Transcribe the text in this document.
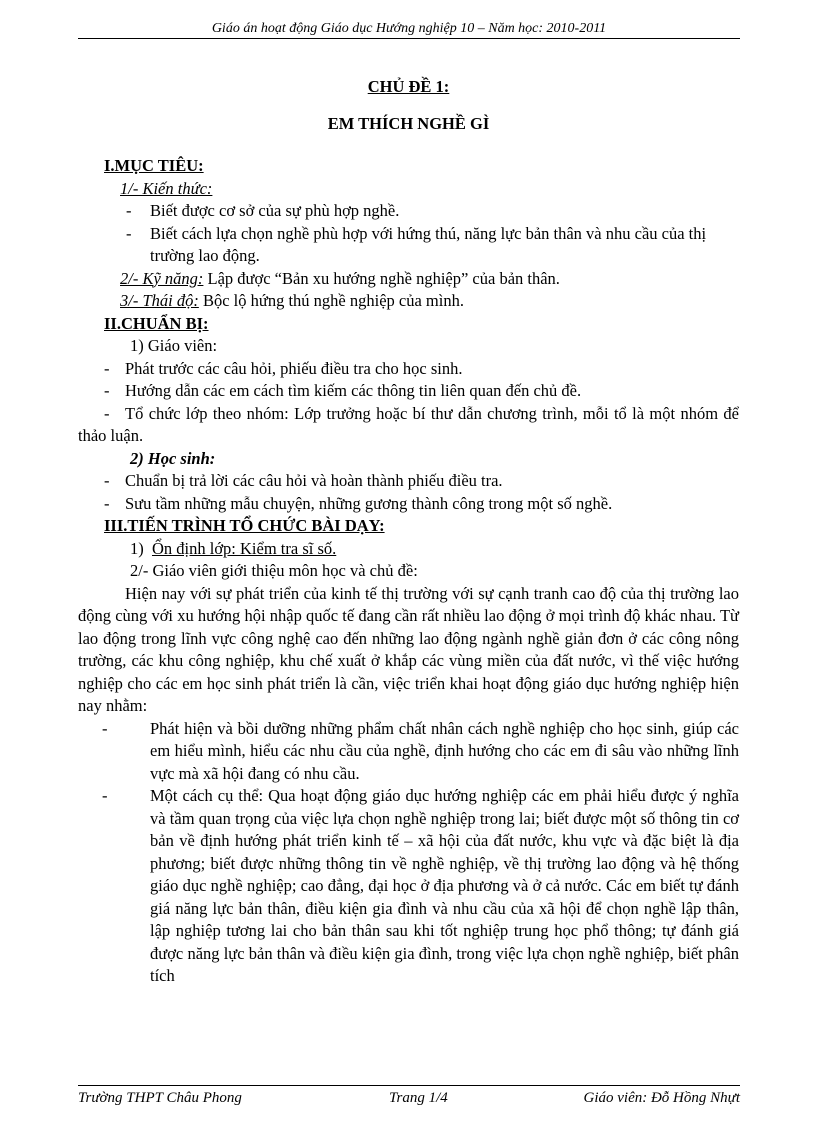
Giáo án hoạt động Giáo dục Hướng nghiệp 10 – Năm học: 2010-2011
CHỦ ĐỀ 1:
EM THÍCH NGHỀ GÌ
I.MỤC TIÊU:
1/- Kiến thức:
- Biết được cơ sở của sự phù hợp nghề.
- Biết cách lựa chọn nghề phù hợp với hứng thú, năng lực bản thân và nhu cầu của thị trường lao động.
2/- Kỹ năng: Lập được “Bản xu hướng nghề nghiệp” của bản thân.
3/- Thái độ: Bộc lộ hứng thú nghề nghiệp của mình.
II.CHUẨN BỊ:
1) Giáo viên:
- Phát trước các câu hỏi, phiếu điều tra cho học sinh.
- Hướng dẫn các em cách tìm kiếm các thông tin liên quan đến chủ đề.
- Tổ chức lớp theo nhóm: Lớp trưởng hoặc bí thư dẫn chương trình, mỗi tổ là một nhóm để thảo luận.
2) Học sinh:
- Chuẩn bị trả lời các câu hỏi và hoàn thành phiếu điều tra.
- Sưu tầm những mẫu chuyện, những gương thành công trong một số nghề.
III.TIẾN TRÌNH TỔ CHỨC BÀI DẠY:
1) Ổn định lớp: Kiểm tra sĩ số.
2/- Giáo viên giới thiệu môn học và chủ đề:
Hiện nay với sự phát triển của kinh tế thị trường với sự cạnh tranh cao độ của thị trường lao động cùng với xu hướng hội nhập quốc tế đang cần rất nhiều lao động ở mọi trình độ khác nhau. Từ lao động trong lĩnh vực công nghệ cao đến những lao động ngành nghề giản đơn ở các công nông trường, các khu công nghiệp, khu chế xuất ở khắp các vùng miền của đất nước, vì thế việc hướng nghiệp cho các em học sinh phát triển là cần, việc triển khai hoạt động giáo dục hướng nghiệp hiện nay nhằm:
-	Phát hiện và bồi dưỡng những phẩm chất nhân cách nghề nghiệp cho học sinh, giúp các em hiểu mình, hiểu các nhu cầu của nghề, định hướng cho các em đi sâu vào những lĩnh vực mà xã hội đang có nhu cầu.
-	Một cách cụ thể: Qua hoạt động giáo dục hướng nghiệp các em phải hiểu được ý nghĩa và tầm quan trọng của việc lựa chọn nghề nghiệp trong lai; biết được một số thông tin cơ bản về định hướng phát triển kinh tế – xã hội của đất nước, khu vực và đặc biệt là địa phương; biết được những thông tin về nghề nghiệp, về thị trường lao động và hệ thống giáo dục nghề nghiệp; cao đẳng, đại học ở địa phương và ở cả nước. Các em biết tự đánh giá năng lực bản thân, điều kiện gia đình và nhu cầu của xã hội để chọn nghề lập thân, lập nghiệp tương lai cho bản thân sau khi tốt nghiệp trung học phổ thông; tự đánh giá được năng lực bản thân và điều kiện gia đình, trong việc lựa chọn nghề nghiệp, biết phân tích
Trường THPT Châu Phong	Trang 1/4	Giáo viên: Đỗ Hồng Nhựt
